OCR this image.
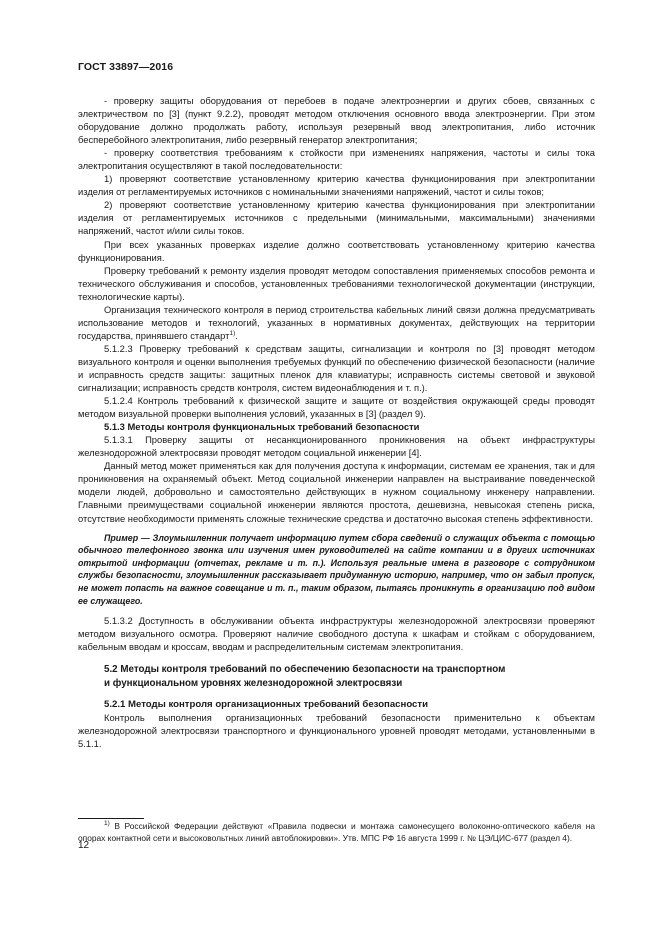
ГОСТ 33897—2016

- проверку защиты оборудования от перебоев в подаче электроэнергии и других сбоев, связанных с электричеством по [3] (пункт 9.2.2), проводят методом отключения основного ввода электроэнергии. При этом оборудование должно продолжать работу, используя резервный ввод электропитания, либо источник бесперебойного электропитания, либо резервный генератор электропитания;

- проверку соответствия требованиям к стойкости при изменениях напряжения, частоты и силы тока электропитания осуществляют в такой последовательности:

1) проверяют соответствие установленному критерию качества функционирования при электропитании изделия от регламентируемых источников с номинальными значениями напряжений, частот и силы токов;

2) проверяют соответствие установленному критерию качества функционирования при электропитании изделия от регламентируемых источников с предельными (минимальными, максимальными) значениями напряжений, частот и/или силы токов.

При всех указанных проверках изделие должно соответствовать установленному критерию качества функционирования.

Проверку требований к ремонту изделия проводят методом сопоставления применяемых способов ремонта и технического обслуживания и способов, установленных требованиями технологической документации (инструкции, технологические карты).

Организация технического контроля в период строительства кабельных линий связи должна предусматривать использование методов и технологий, указанных в нормативных документах, действующих на территории государства, принявшего стандарт$^{1)}$.

5.1.2.3 Проверку требований к средствам защиты, сигнализации и контроля по [3] проводят методом визуального контроля и оценки выполнения требуемых функций по обеспечению физической безопасности (наличие и исправность средств защиты: защитных пленок для клавиатуры; исправность системы световой и звуковой сигнализации; исправность средств контроля, систем видеонаблюдения и т. п.).

5.1.2.4 Контроль требований к физической защите и защите от воздействия окружающей среды проводят методом визуальной проверки выполнения условий, указанных в [3] (раздел 9).

5.1.3 Методы контроля функциональных требований безопасности

5.1.3.1 Проверку защиты от несанкционированного проникновения на объект инфраструктуры железнодорожной электросвязи проводят методом социальной инженерии [4].

Данный метод может применяться как для получения доступа к информации, системам ее хранения, так и для проникновения на охраняемый объект. Метод социальной инженерии направлен на выстраивание поведенческой модели людей, добровольно и самостоятельно действующих в нужном социальному инженеру направлении. Главными преимуществами социальной инженерии являются простота, дешевизна, невысокая степень риска, отсутствие необходимости применять сложные технические средства и достаточно высокая степень эффективности.

Пример — Злоумышленник получает информацию путем сбора сведений о служащих объекта с помощью обычного телефонного звонка или изучения имен руководителей на сайте компании и в других источниках открытой информации (отчетах, рекламе и т. п.). Используя реальные имена в разговоре с сотрудником службы безопасности, злоумышленник рассказывает придуманную историю, например, что он забыл пропуск, не может попасть на важное совещание и т. п., таким образом, пытаясь проникнуть в организацию под видом ее служащего.

5.1.3.2 Доступность в обслуживании объекта инфраструктуры железнодорожной электросвязи проверяют методом визуального осмотра. Проверяют наличие свободного доступа к шкафам и стойкам с оборудованием, кабельным вводам и кроссам, вводам и распределительным системам электропитания.

5.2 Методы контроля требований по обеспечению безопасности на транспортном
и функциональном уровнях железнодорожной электросвязи

5.2.1 Методы контроля организационных требований безопасности

Контроль выполнения организационных требований безопасности применительно к объектам железнодорожной электросвязи транспортного и функционального уровней проводят методами, установленными в 5.1.1.

$^{1)}$ В Российской Федерации действуют «Правила подвески и монтажа самонесущего волоконно-оптического кабеля на опорах контактной сети и высоковольтных линий автоблокировки». Утв. МПС РФ 16 августа 1999 г. № ЦЭ/ЦИС-677 (раздел 4).

12
